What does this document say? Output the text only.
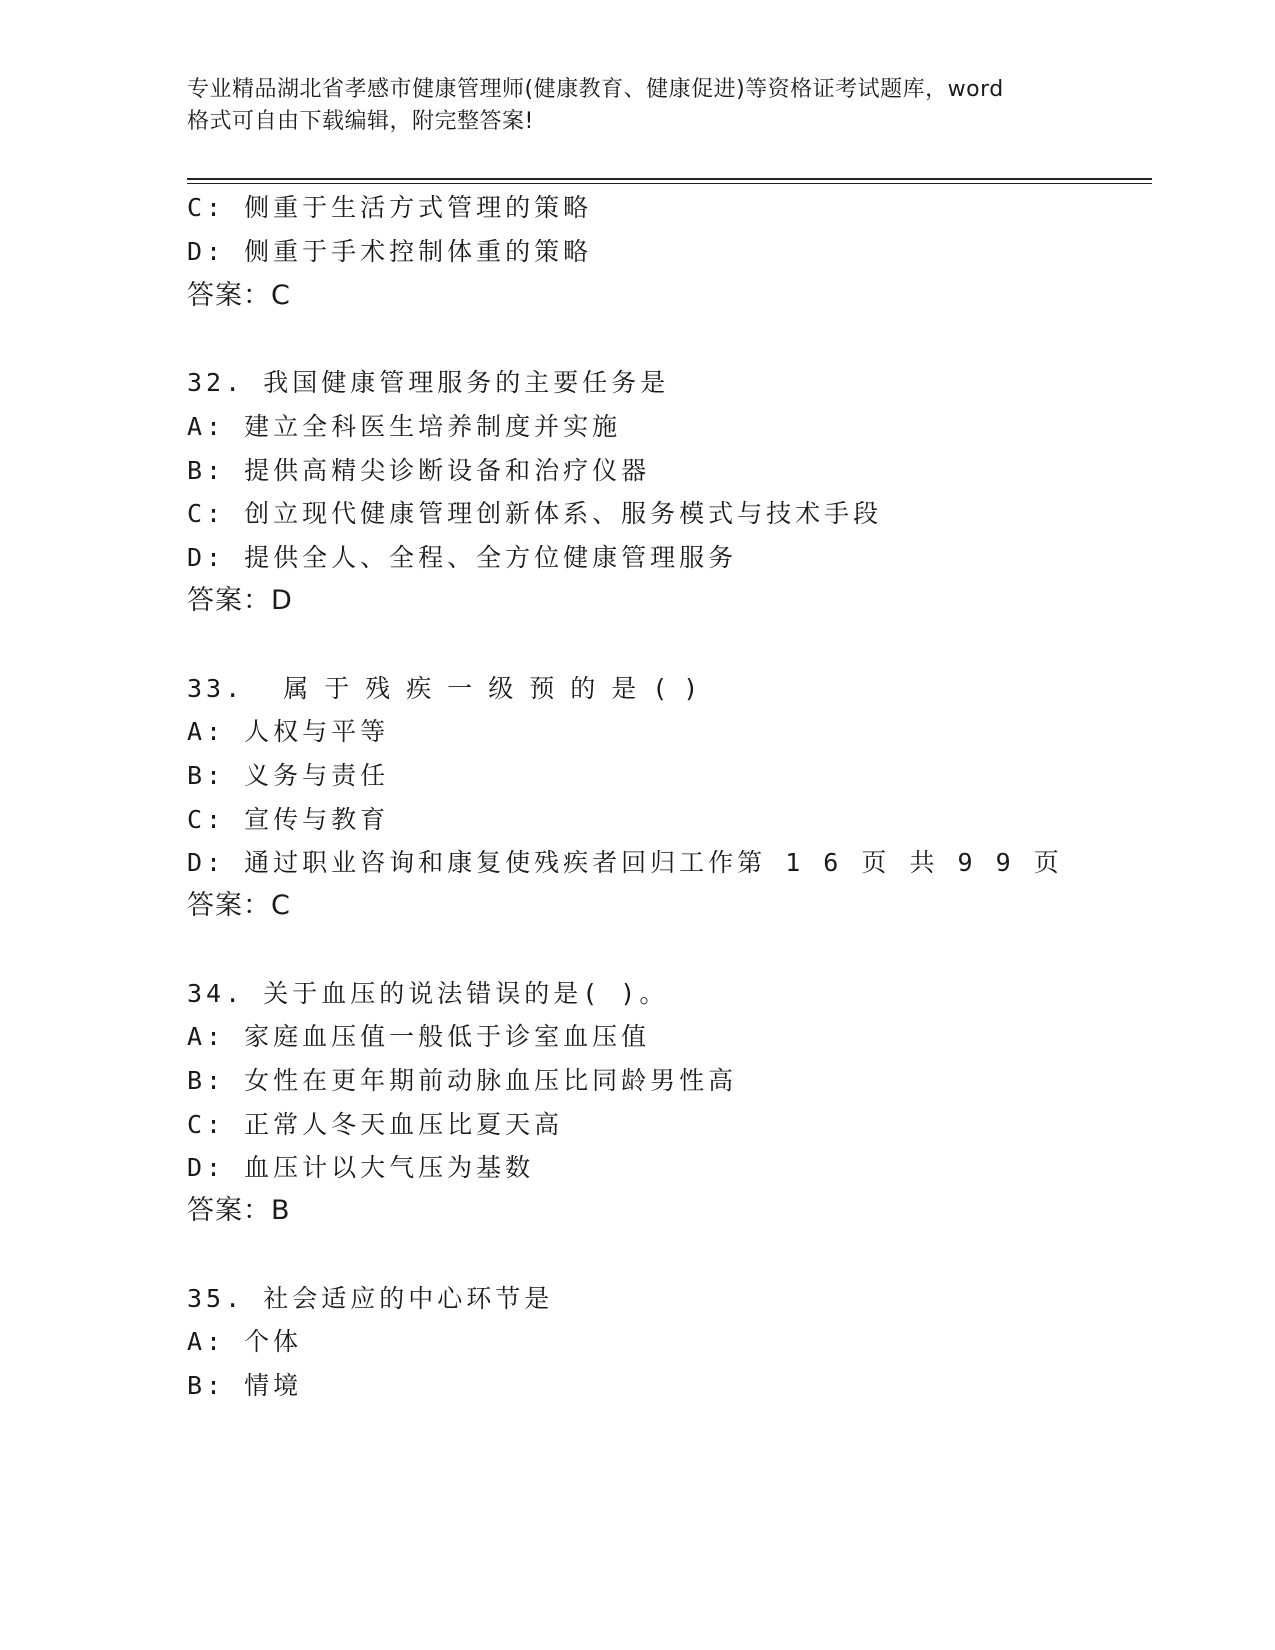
专业精品湖北省孝感市健康管理师(健康教育、健康促进)等资格证考试题库，word
格式可自由下载编辑，附完整答案!
C: 侧重于生活方式管理的策略
D: 侧重于手术控制体重的策略
答案：C
32. 我国健康管理服务的主要任务是
A: 建立全科医生培养制度并实施
B: 提供高精尖诊断设备和治疗仪器
C: 创立现代健康管理创新体系、服务模式与技术手段
D: 提供全人、全程、全方位健康管理服务
答案：D
33. 属于残疾一级预的是()
A: 人权与平等
B: 义务与责任
C: 宣传与教育
D: 通过职业咨询和康复使残疾者回归工作第 1 6 页 共 9 9 页
答案：C
34. 关于血压的说法错误的是( )。
A: 家庭血压值一般低于诊室血压值
B: 女性在更年期前动脉血压比同龄男性高
C: 正常人冬天血压比夏天高
D: 血压计以大气压为基数
答案：B
35. 社会适应的中心环节是
A: 个体
B: 情境
